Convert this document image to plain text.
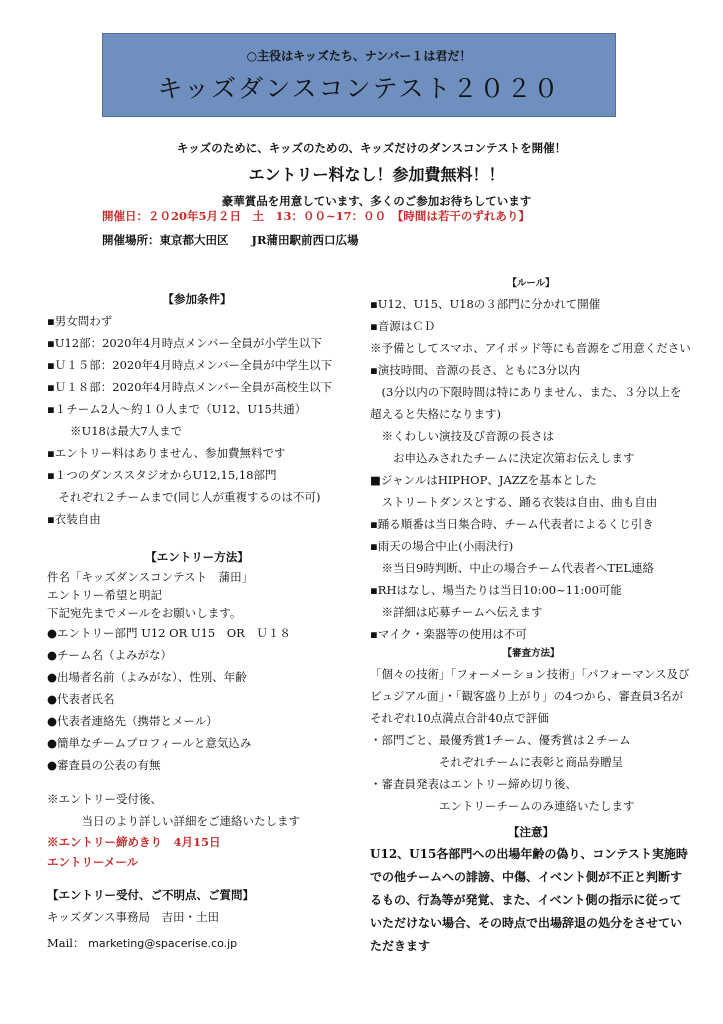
○主役はキッズたち、ナンバー１は君だ！
キッズダンスコンテスト２０２０
キッズのために、キッズのための、キッズだけのダンスコンテストを開催！
エントリー料なし！参加費無料！！
豪華賞品を用意しています、多くのご参加お待ちしています
開催日：２０20年5月２日　土　13：００~17：００　【時間は若干のずれあり】
開催場所：東京都大田区　　JR蒲田駅前西口広場
【参加条件】
▪男女問わず
▪U12部：2020年4月時点メンバー全員が小学生以下
▪Ｕ１５部：2020年4月時点メンバー全員が中学生以下
▪Ｕ１８部：2020年4月時点メンバー全員が高校生以下
▪１チーム2人〜約１０人まで（U12、U15共通）
　　※U18は最大7人まで
▪エントリー料はありません、参加費無料です
▪１つのダンススタジオからU12,15,18部門
　それぞれ２チームまで(同じ人が重複するのは不可)
▪衣装自由
【エントリー方法】
件名「キッズダンスコンテスト　蒲田」
エントリー希望と明記
下記宛先までメールをお願いします。
●エントリー部門 U12 OR U15　OR　Ｕ１８
●チーム名（よみがな）
●出場者名前（よみがな）、性別、年齢
●代表者氏名
●代表者連絡先（携帯とメール）
●簡単なチームプロフィールと意気込み
●審査員の公表の有無
※エントリー受付後、
　　　当日のより詳しい詳細をご連絡いたします
※エントリー締めきり　4月15日
エントリーメール
【エントリー受付、ご不明点、ご質問】
キッズダンス事務局　吉田・土田
Mail： marketing@spacerise.co.jp
【ルール】
▪U12、U15、U18の３部門に分かれて開催
▪音源はＣＤ
※予備としてスマホ、アイポッド等にも音源をご用意ください
▪演技時間、音源の長さ、ともに3分以内
　(3分以内の下限時間は特にありません、また、３分以上を超えると失格になります)
　※くわしい演技及び音源の長さは
　　お申込みされたチームに決定次第お伝えします
■ジャンルはHIPHOP、JAZZを基本とした
　ストリートダンスとする、踊る衣装は自由、曲も自由
▪踊る順番は当日集合時、チーム代表者によるくじ引き
▪雨天の場合中止(小雨決行)
　※当日9時判断、中止の場合チーム代表者へTEL連絡
▪RHはなし、場当たりは当日10:00~11:00可能
　※詳細は応募チームへ伝えます
▪マイク・楽器等の使用は不可
【審査方法】
「個々の技術」「フォーメーション技術」「パフォーマンス及びビュジアル面」・「観客盛り上がり」の4つから、審査員3名がそれぞれ10点満点合計40点で評価
・部門ごと、最優秀賞1チーム、優秀賞は２チーム
　　　　　　それぞれチームに表彰と商品券贈呈
・審査員発表はエントリー締め切り後、
　　　　　　エントリーチームのみ連絡いたします
【注意】
U12、U15各部門への出場年齢の偽り、コンテスト実施時での他チームへの誹謗、中傷、イベント側が不正と判断するもの、行為等が発覚、また、イベント側の指示に従っていただけない場合、その時点で出場辞退の処分をさせていただきます
